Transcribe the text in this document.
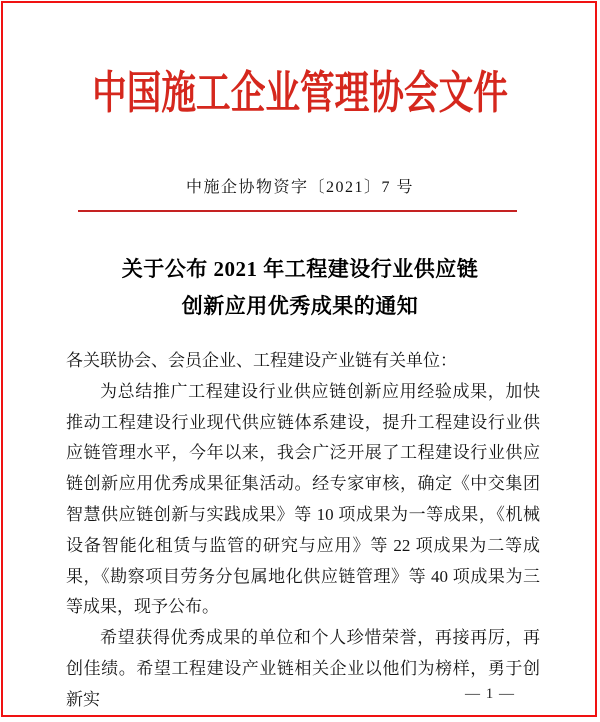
中国施工企业管理协会文件
中施企协物资字〔2021〕7 号
关于公布 2021 年工程建设行业供应链
创新应用优秀成果的通知

各关联协会、会员企业、工程建设产业链有关单位：

为总结推广工程建设行业供应链创新应用经验成果，加快推动工程建设行业现代供应链体系建设，提升工程建设行业供应链管理水平，今年以来，我会广泛开展了工程建设行业供应链创新应用优秀成果征集活动。经专家审核，确定《中交集团智慧供应链创新与实践成果》等 10 项成果为一等成果，《机械设备智能化租赁与监管的研究与应用》等 22 项成果为二等成果，《勘察项目劳务分包属地化供应链管理》等 40 项成果为三等成果，现予公布。

希望获得优秀成果的单位和个人珍惜荣誉，再接再厉，再创佳绩。希望工程建设产业链相关企业以他们为榜样，勇于创新实	— 1 —
